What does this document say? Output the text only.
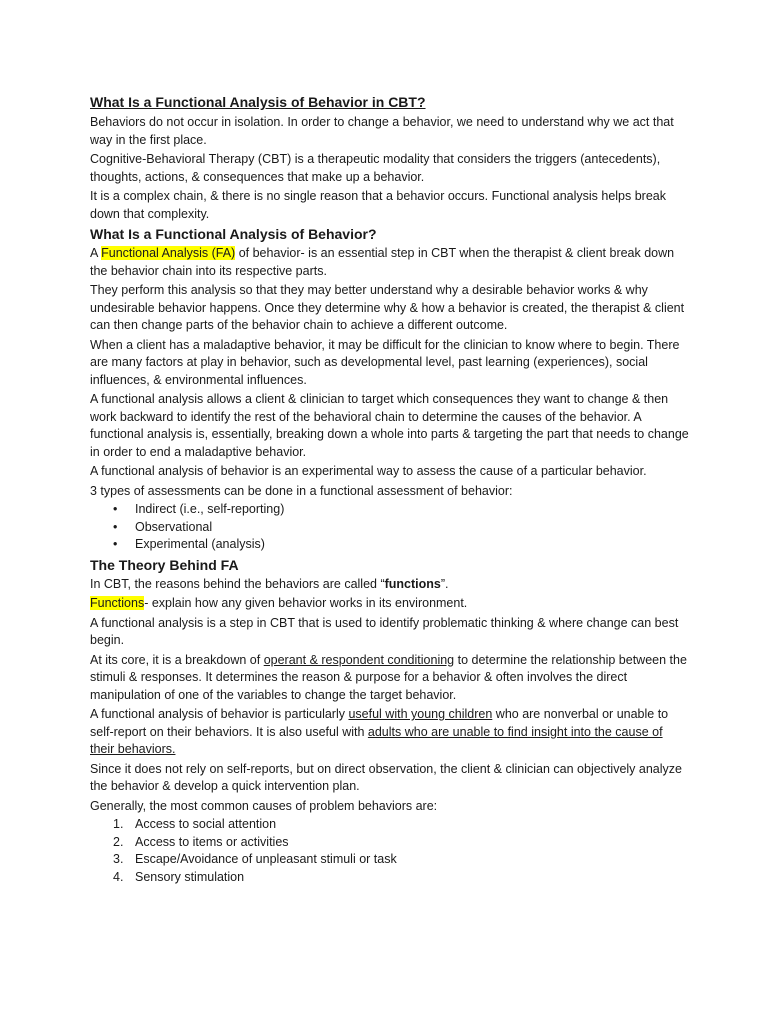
What Is a Functional Analysis of Behavior in CBT?

Behaviors do not occur in isolation. In order to change a behavior, we need to understand why we act that way in the first place.

Cognitive-Behavioral Therapy (CBT) is a therapeutic modality that considers the triggers (antecedents), thoughts, actions, & consequences that make up a behavior.

It is a complex chain, & there is no single reason that a behavior occurs. Functional analysis helps break down that complexity.

What Is a Functional Analysis of Behavior?

A Functional Analysis (FA) of behavior- is an essential step in CBT when the therapist & client break down the behavior chain into its respective parts.

They perform this analysis so that they may better understand why a desirable behavior works & why undesirable behavior happens. Once they determine why & how a behavior is created, the therapist & client can then change parts of the behavior chain to achieve a different outcome.

When a client has a maladaptive behavior, it may be difficult for the clinician to know where to begin. There are many factors at play in behavior, such as developmental level, past learning (experiences), social influences, & environmental influences.

A functional analysis allows a client & clinician to target which consequences they want to change & then work backward to identify the rest of the behavioral chain to determine the causes of the behavior. A functional analysis is, essentially, breaking down a whole into parts & targeting the part that needs to change in order to end a maladaptive behavior.

A functional analysis of behavior is an experimental way to assess the cause of a particular behavior.

3 types of assessments can be done in a functional assessment of behavior:

• Indirect (i.e., self-reporting)
• Observational
• Experimental (analysis)
The Theory Behind FA

In CBT, the reasons behind the behaviors are called “functions”.

Functions- explain how any given behavior works in its environment.

A functional analysis is a step in CBT that is used to identify problematic thinking & where change can best begin.

At its core, it is a breakdown of operant & respondent conditioning to determine the relationship between the stimuli & responses. It determines the reason & purpose for a behavior & often involves the direct manipulation of one of the variables to change the target behavior.

A functional analysis of behavior is particularly useful with young children who are nonverbal or unable to self-report on their behaviors. It is also useful with adults who are unable to find insight into the cause of their behaviors.

Since it does not rely on self-reports, but on direct observation, the client & clinician can objectively analyze the behavior & develop a quick intervention plan.

Generally, the most common causes of problem behaviors are:

1. Access to social attention
2. Access to items or activities
3. Escape/Avoidance of unpleasant stimuli or task
4. Sensory stimulation
